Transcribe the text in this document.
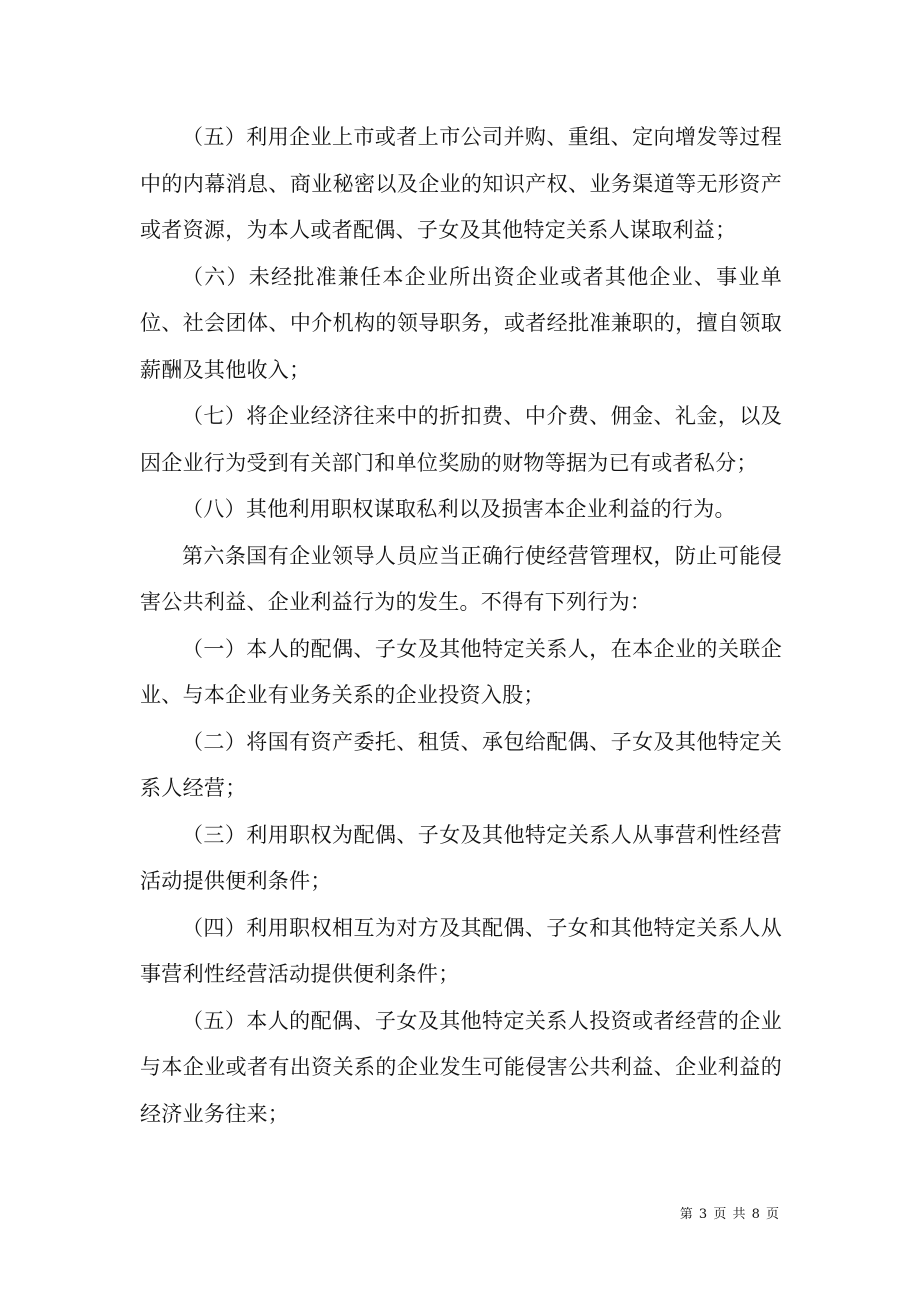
（五）利用企业上市或者上市公司并购、重组、定向增发等过程中的内幕消息、商业秘密以及企业的知识产权、业务渠道等无形资产或者资源，为本人或者配偶、子女及其他特定关系人谋取利益；

（六）未经批准兼任本企业所出资企业或者其他企业、事业单位、社会团体、中介机构的领导职务，或者经批准兼职的，擅自领取薪酬及其他收入；

（七）将企业经济往来中的折扣费、中介费、佣金、礼金，以及因企业行为受到有关部门和单位奖励的财物等据为已有或者私分；

（八）其他利用职权谋取私利以及损害本企业利益的行为。

第六条国有企业领导人员应当正确行使经营管理权，防止可能侵害公共利益、企业利益行为的发生。不得有下列行为：

（一）本人的配偶、子女及其他特定关系人，在本企业的关联企业、与本企业有业务关系的企业投资入股；

（二）将国有资产委托、租赁、承包给配偶、子女及其他特定关系人经营；

（三）利用职权为配偶、子女及其他特定关系人从事营利性经营活动提供便利条件；

（四）利用职权相互为对方及其配偶、子女和其他特定关系人从事营利性经营活动提供便利条件；

（五）本人的配偶、子女及其他特定关系人投资或者经营的企业与本企业或者有出资关系的企业发生可能侵害公共利益、企业利益的经济业务往来；

第 3 页 共 8 页
